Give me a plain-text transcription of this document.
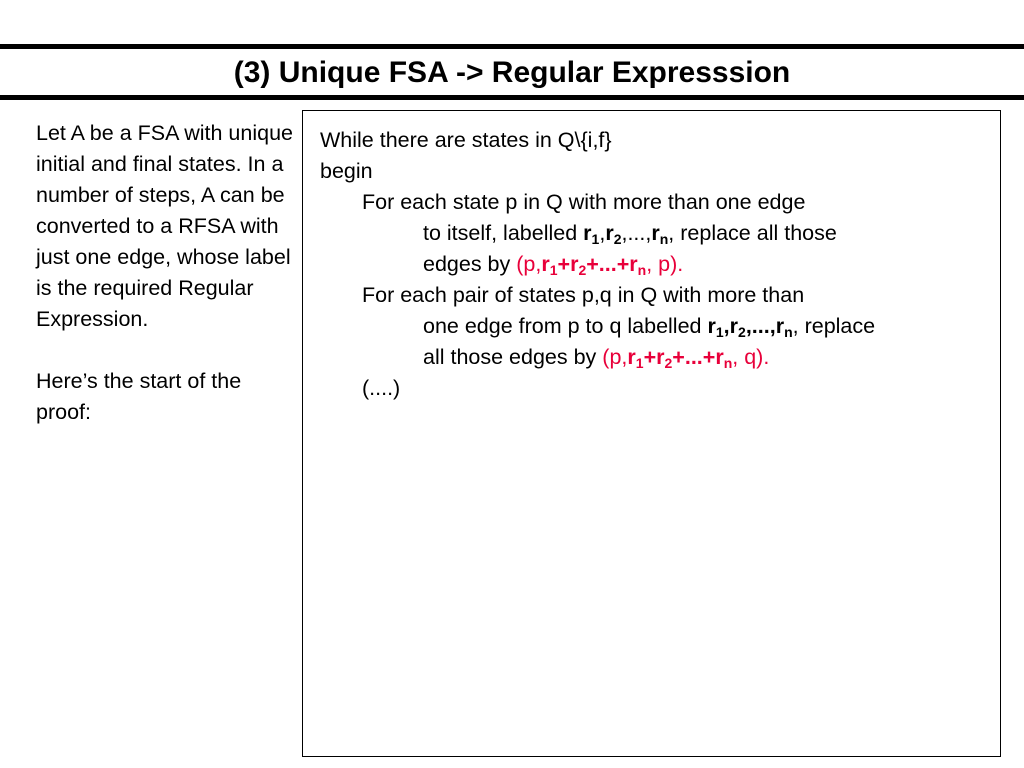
(3) Unique FSA -> Regular Expresssion

Let A be a FSA with unique initial and final states. In a number of steps, A can be converted to a RFSA with just one edge, whose label is the required Regular Expression.

Here’s the start of the proof:

While there are states in Q\{i,f}
begin
For each state p in Q with more than one edge
to itself, labelled $r_1,r_2,...,r_n$, replace all those
edges by ($p,r_1+r_2+...+r_n$, p).
For each pair of states p,q in Q with more than
one edge from p to q labelled $r_1,r_2,...,r_n$, replace
all those edges by ($p,r_1+r_2+...+r_n$, q).
(....)
